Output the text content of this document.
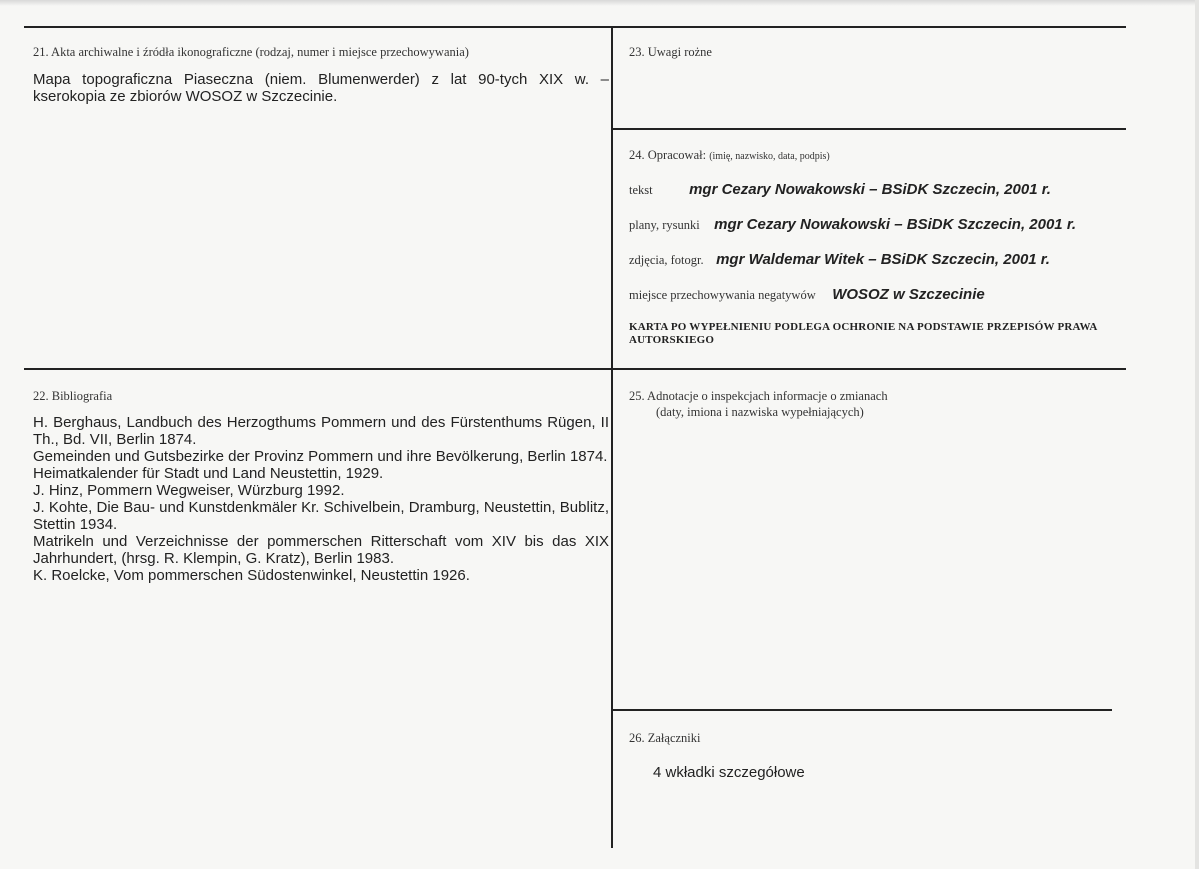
21. Akta archiwalne i źródła ikonograficzne (rodzaj, numer i miejsce przechowywania)
Mapa topograficzna Piaseczna (niem. Blumenwerder) z lat 90-tych XIX w. – kserokopia ze zbiorów WOSOZ w Szczecinie.
23. Uwagi rożne
24. Opracował: (imię, nazwisko, data, podpis)
tekst mgr Cezary Nowakowski – BSiDK Szczecin, 2001 r.
plany, rysunki mgr Cezary Nowakowski – BSiDK Szczecin, 2001 r.
zdjęcia, fotogr. mgr Waldemar Witek – BSiDK Szczecin, 2001 r.
miejsce przechowywania negatywów WOSOZ w Szczecinie
KARTA PO WYPEŁNIENIU PODLEGA OCHRONIE NA PODSTAWIE PRZEPISÓW PRAWA AUTORSKIEGO
22. Bibliografia
H. Berghaus, Landbuch des Herzogthums Pommern und des Fürstenthums Rügen, II Th., Bd. VII, Berlin 1874.
Gemeinden und Gutsbezirke der Provinz Pommern und ihre Bevölkerung, Berlin 1874.
Heimatkalender für Stadt und Land Neustettin, 1929.
J. Hinz, Pommern Wegweiser, Würzburg 1992.
J. Kohte, Die Bau- und Kunstdenkmäler Kr. Schivelbein, Dramburg, Neustettin, Bublitz, Stettin 1934.
Matrikeln und Verzeichnisse der pommerschen Ritterschaft vom XIV bis das XIX Jahrhundert, (hrsg. R. Klempin, G. Kratz), Berlin 1983.
K. Roelcke, Vom pommerschen Südostenwinkel, Neustettin 1926.
25. Adnotacje o inspekcjach informacje o zmianach
(daty, imiona i nazwiska wypełniających)
26. Załączniki
4 wkładki szczegółowe
